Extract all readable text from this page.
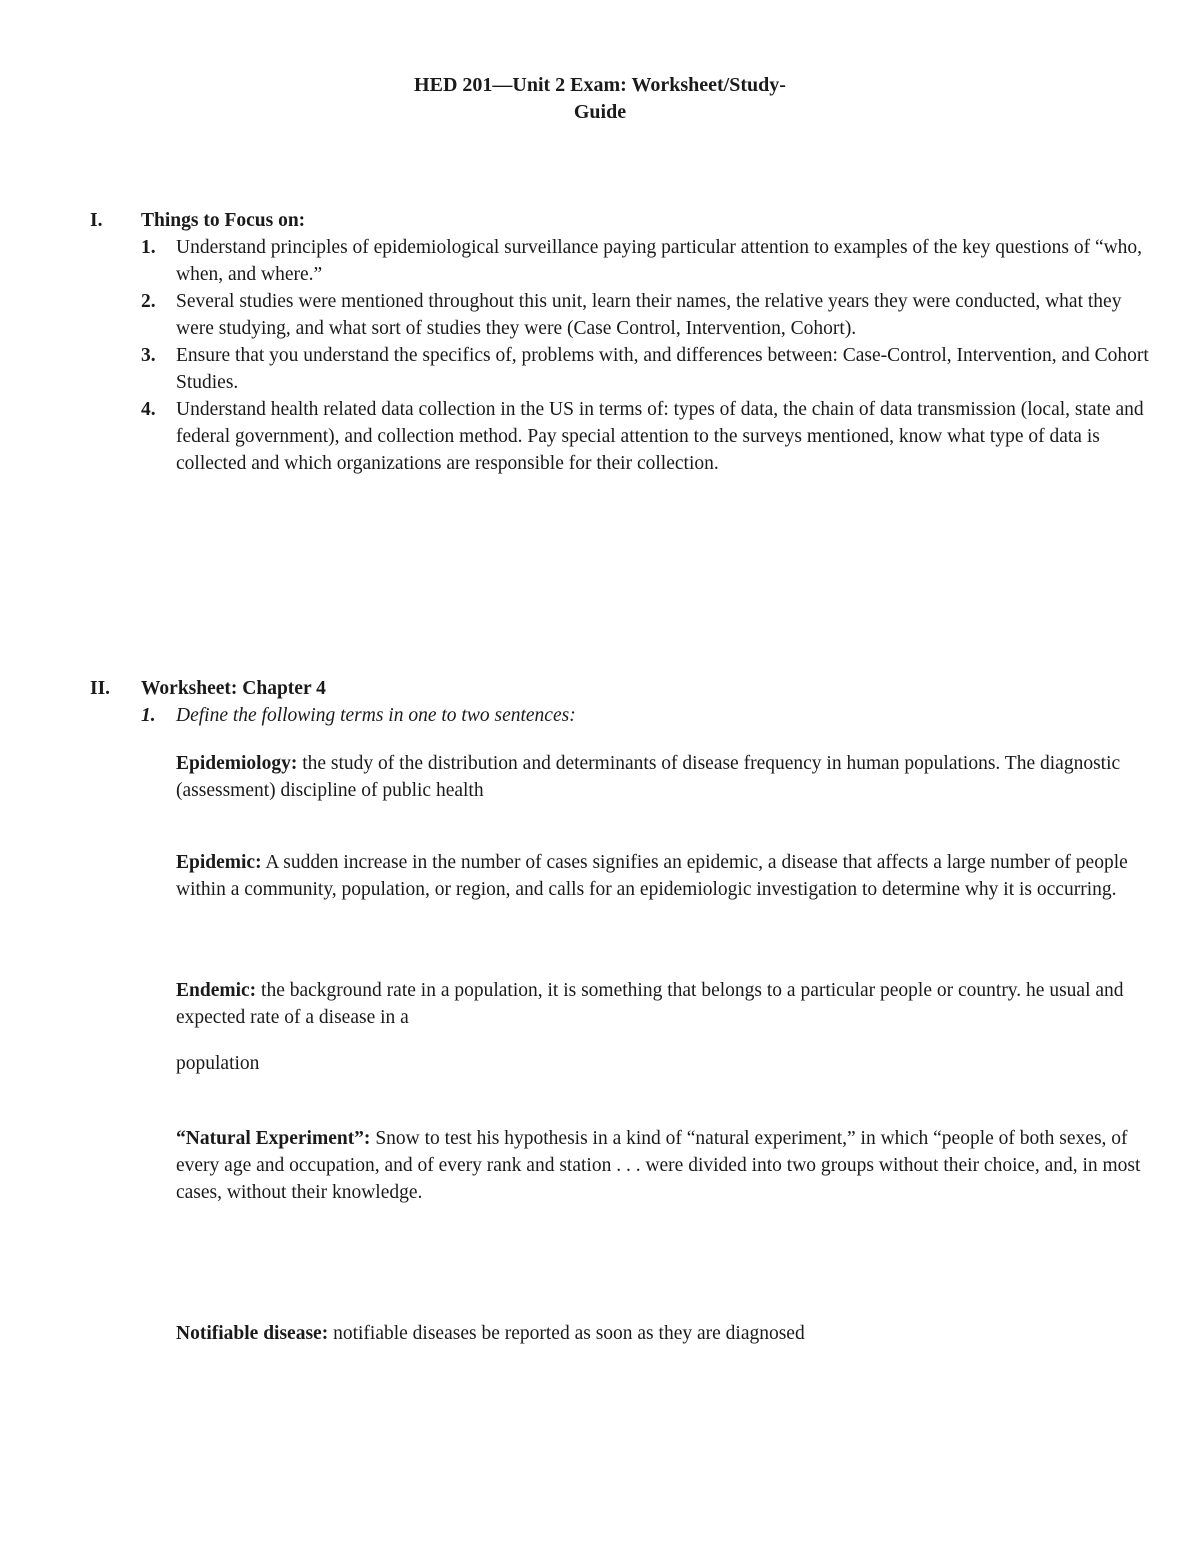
HED 201—Unit 2 Exam: Worksheet/Study-
Guide
I. Things to Focus on:
1. Understand principles of epidemiological surveillance paying particular attention to examples of the key questions of “who, when, and where.”
2. Several studies were mentioned throughout this unit, learn their names, the relative years they were conducted, what they were studying, and what sort of studies they were (Case Control, Intervention, Cohort).
3. Ensure that you understand the specifics of, problems with, and differences between: Case-Control, Intervention, and Cohort Studies.
4. Understand health related data collection in the US in terms of: types of data, the chain of data transmission (local, state and federal government), and collection method. Pay special attention to the surveys mentioned, know what type of data is collected and which organizations are responsible for their collection.
II. Worksheet: Chapter 4
1. Define the following terms in one to two sentences:
Epidemiology: the study of the distribution and determinants of disease frequency in human populations. The diagnostic (assessment) discipline of public health
Epidemic: A sudden increase in the number of cases signifies an epidemic, a disease that affects a large number of people within a community, population, or region, and calls for an epidemiologic investigation to determine why it is occurring.
Endemic: the background rate in a population, it is something that belongs to a particular people or country. he usual and expected rate of a disease in a
population
“Natural Experiment”: Snow to test his hypothesis in a kind of “natural experiment,” in which “people of both sexes, of every age and occupation, and of every rank and station . . . were divided into two groups without their choice, and, in most cases, without their knowledge.
Notifiable disease: notifiable diseases be reported as soon as they are diagnosed
